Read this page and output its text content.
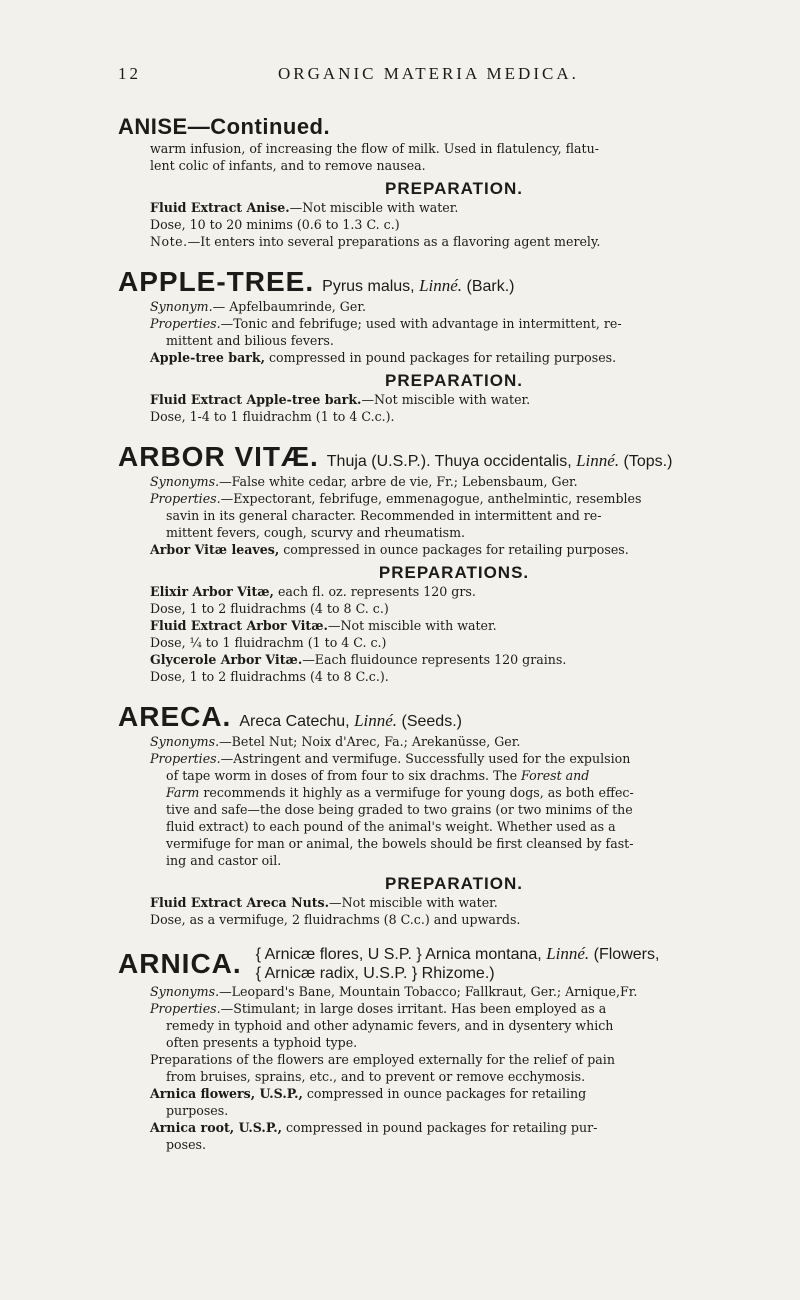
12	ORGANIC MATERIA MEDICA.
ANISE—Continued.

warm infusion, of increasing the flow of milk. Used in flatulency, flatu-

lent colic of infants, and to remove nausea.

PREPARATION.

Fluid Extract Anise.—Not miscible with water.

Dose, 10 to 20 minims (0.6 to 1.3 C. c.)

Note.—It enters into several preparations as a flavoring agent merely.

APPLE-TREE. Pyrus malus, Linné. (Bark.)

Synonym.— Apfelbaumrinde, Ger.

Properties.—Tonic and febrifuge; used with advantage in intermittent, re-
mittent and bilious fevers.

Apple-tree bark, compressed in pound packages for retailing purposes.

PREPARATION.

Fluid Extract Apple-tree bark.—Not miscible with water.

Dose, 1-4 to 1 fluidrachm (1 to 4 C.c.).

ARBOR VITÆ. Thuja (U.S.P.). Thuya occidentalis, Linné. (Tops.)

Synonyms.—False white cedar, arbre de vie, Fr.; Lebensbaum, Ger.

Properties.—Expectorant, febrifuge, emmenagogue, anthelmintic, resembles
savin in its general character. Recommended in intermittent and re-
mittent fevers, cough, scurvy and rheumatism.

Arbor Vitæ leaves, compressed in ounce packages for retailing purposes.

PREPARATIONS.

Elixir Arbor Vitæ, each fl. oz. represents 120 grs.

Dose, 1 to 2 fluidrachms (4 to 8 C. c.)

Fluid Extract Arbor Vitæ.—Not miscible with water.

Dose, ¼ to 1 fluidrachm (1 to 4 C. c.)

Glycerole Arbor Vitæ.—Each fluidounce represents 120 grains.

Dose, 1 to 2 fluidrachms (4 to 8 C.c.).

ARECA. Areca Catechu, Linné. (Seeds.)

Synonyms.—Betel Nut; Noix d'Arec, Fa.; Arekanüsse, Ger.

Properties.—Astringent and vermifuge. Successfully used for the expulsion
of tape worm in doses of from four to six drachms. The Forest and
Farm recommends it highly as a vermifuge for young dogs, as both effec-
tive and safe—the dose being graded to two grains (or two minims of the
fluid extract) to each pound of the animal's weight. Whether used as a
vermifuge for man or animal, the bowels should be first cleansed by fast-
ing and castor oil.

PREPARATION.

Fluid Extract Areca Nuts.—Not miscible with water.

Dose, as a vermifuge, 2 fluidrachms (8 C.c.) and upwards.

ARNICA. { Arnicæ flores, U S.P. } Arnica montana, Linné. (Flowers,
{ Arnicæ radix, U.S.P. } Rhizome.)

Synonyms.—Leopard's Bane, Mountain Tobacco; Fallkraut, Ger.; Arnique,Fr.

Properties.—Stimulant; in large doses irritant. Has been employed as a
remedy in typhoid and other adynamic fevers, and in dysentery which
often presents a typhoid type.

Preparations of the flowers are employed externally for the relief of pain
from bruises, sprains, etc., and to prevent or remove ecchymosis.

Arnica flowers, U.S.P., compressed in ounce packages for retailing
purposes.

Arnica root, U.S.P., compressed in pound packages for retailing pur-
poses.
